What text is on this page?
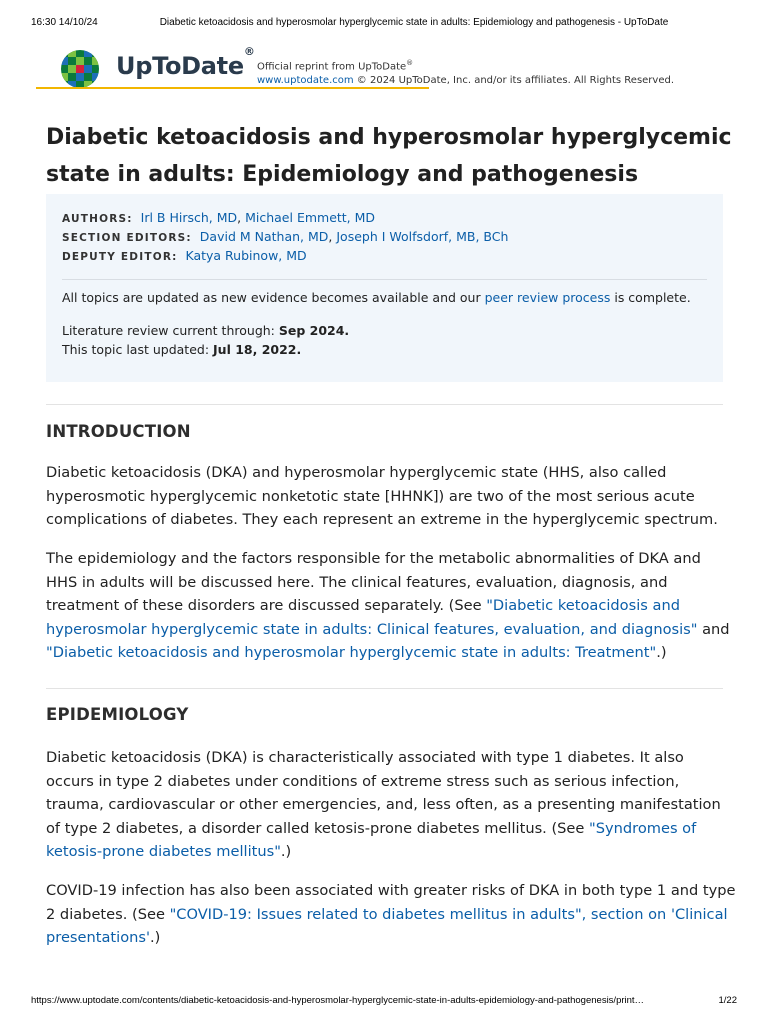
16:30 14/10/24	Diabetic ketoacidosis and hyperosmolar hyperglycemic state in adults: Epidemiology and pathogenesis - UpToDate
UpToDate®
Official reprint from UpToDate®
www.uptodate.com © 2024 UpToDate, Inc. and/or its affiliates. All Rights Reserved.
Diabetic ketoacidosis and hyperosmolar hyperglycemic state in adults: Epidemiology and pathogenesis
AUTHORS: Irl B Hirsch, MD, Michael Emmett, MD
SECTION EDITORS: David M Nathan, MD, Joseph I Wolfsdorf, MB, BCh
DEPUTY EDITOR: Katya Rubinow, MD
All topics are updated as new evidence becomes available and our peer review process is complete.
Literature review current through: Sep 2024.
This topic last updated: Jul 18, 2022.
INTRODUCTION

Diabetic ketoacidosis (DKA) and hyperosmolar hyperglycemic state (HHS, also called hyperosmotic hyperglycemic nonketotic state [HHNK]) are two of the most serious acute complications of diabetes. They each represent an extreme in the hyperglycemic spectrum.

The epidemiology and the factors responsible for the metabolic abnormalities of DKA and HHS in adults will be discussed here. The clinical features, evaluation, diagnosis, and treatment of these disorders are discussed separately. (See "Diabetic ketoacidosis and hyperosmolar hyperglycemic state in adults: Clinical features, evaluation, and diagnosis" and "Diabetic ketoacidosis and hyperosmolar hyperglycemic state in adults: Treatment".)

EPIDEMIOLOGY

Diabetic ketoacidosis (DKA) is characteristically associated with type 1 diabetes. It also occurs in type 2 diabetes under conditions of extreme stress such as serious infection, trauma, cardiovascular or other emergencies, and, less often, as a presenting manifestation of type 2 diabetes, a disorder called ketosis-prone diabetes mellitus. (See "Syndromes of ketosis-prone diabetes mellitus".)

COVID-19 infection has also been associated with greater risks of DKA in both type 1 and type 2 diabetes. (See "COVID-19: Issues related to diabetes mellitus in adults", section on 'Clinical presentations'.)

https://www.uptodate.com/contents/diabetic-ketoacidosis-and-hyperosmolar-hyperglycemic-state-in-adults-epidemiology-and-pathogenesis/print…	1/22
